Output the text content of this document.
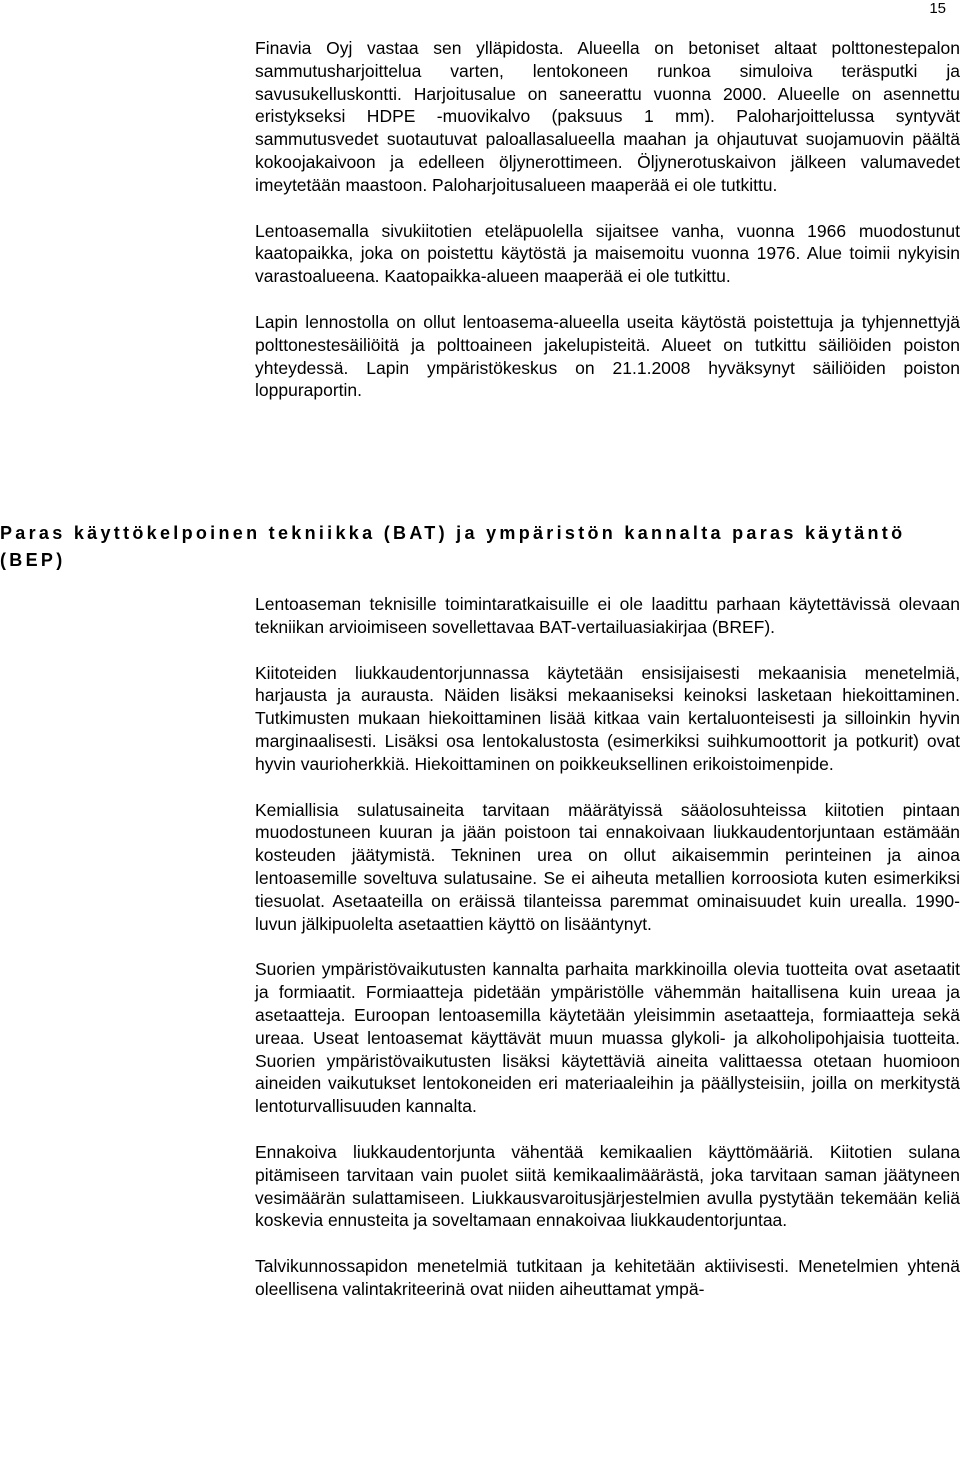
15

Finavia Oyj vastaa sen ylläpidosta. Alueella on betoniset altaat polttonestepalon sammutusharjoittelua varten, lentokoneen runkoa simuloiva teräsputki ja savusukelluskontti. Harjoitusalue on saneerattu vuonna 2000. Alueelle on asennettu eristykseksi HDPE -muovikalvo (paksuus 1 mm). Paloharjoittelussa syntyvät sammutusvedet suotautuvat paloallasalueella maahan ja ohjautuvat suojamuovin päältä kokoojakaivoon ja edelleen öljynerottimeen. Öljynerotuskaivon jälkeen valumavedet imeytetään maastoon. Paloharjoitusalueen maaperää ei ole tutkittu.

Lentoasemalla sivukiitotien eteläpuolella sijaitsee vanha, vuonna 1966 muodostunut kaatopaikka, joka on poistettu käytöstä ja maisemoitu vuonna 1976. Alue toimii nykyisin varastoalueena. Kaatopaikka-alueen maaperää ei ole tutkittu.

Lapin lennostolla on ollut lentoasema-alueella useita käytöstä poistettuja ja tyhjennettyjä polttonestesäiliöitä ja polttoaineen jakelupisteitä. Alueet on tutkittu säiliöiden poiston yhteydessä. Lapin ympäristökeskus on 21.1.2008 hyväksynyt säiliöiden poiston loppuraportin.

Paras käyttökelpoinen tekniikka (BAT) ja ympäristön kannalta paras käytäntö (BEP)

Lentoaseman teknisille toimintaratkaisuille ei ole laadittu parhaan käytettävissä olevaan tekniikan arvioimiseen sovellettavaa BAT-vertailuasiakirjaa (BREF).

Kiitoteiden liukkaudentorjunnassa käytetään ensisijaisesti mekaanisia menetelmiä, harjausta ja aurausta. Näiden lisäksi mekaaniseksi keinoksi lasketaan hiekoittaminen. Tutkimusten mukaan hiekoittaminen lisää kitkaa vain kertaluonteisesti ja silloinkin hyvin marginaalisesti. Lisäksi osa lentokalustosta (esimerkiksi suihkumoottorit ja potkurit) ovat hyvin vaurioherkkiä. Hiekoittaminen on poikkeuksellinen erikoistoimenpide.

Kemiallisia sulatusaineita tarvitaan määrätyissä sääolosuhteissa kiitotien pintaan muodostuneen kuuran ja jään poistoon tai ennakoivaan liukkaudentorjuntaan estämään kosteuden jäätymistä. Tekninen urea on ollut aikaisemmin perinteinen ja ainoa lentoasemille soveltuva sulatusaine. Se ei aiheuta metallien korroosiota kuten esimerkiksi tiesuolat. Asetaateilla on eräissä tilanteissa paremmat ominaisuudet kuin urealla. 1990-luvun jälkipuolelta asetaattien käyttö on lisääntynyt.

Suorien ympäristövaikutusten kannalta parhaita markkinoilla olevia tuotteita ovat asetaatit ja formiaatit. Formiaatteja pidetään ympäristölle vähemmän haitallisena kuin ureaa ja asetaatteja. Euroopan lentoasemilla käytetään yleisimmin asetaatteja, formiaatteja sekä ureaa. Useat lentoasemat käyttävät muun muassa glykoli- ja alkoholipohjaisia tuotteita. Suorien ympäristövaikutusten lisäksi käytettäviä aineita valittaessa otetaan huomioon aineiden vaikutukset lentokoneiden eri materiaaleihin ja päällysteisiin, joilla on merkitystä lentoturvallisuuden kannalta.

Ennakoiva liukkaudentorjunta vähentää kemikaalien käyttömääriä. Kiitotien sulana pitämiseen tarvitaan vain puolet siitä kemikaalimäärästä, joka tarvitaan saman jäätyneen vesimäärän sulattamiseen. Liukkausvaroitusjärjestelmien avulla pystytään tekemään keliä koskevia ennusteita ja soveltamaan ennakoivaa liukkaudentorjuntaa.

Talvikunnossapidon menetelmiä tutkitaan ja kehitetään aktiivisesti. Menetelmien yhtenä oleellisena valintakriteerinä ovat niiden aiheuttamat ympä-
